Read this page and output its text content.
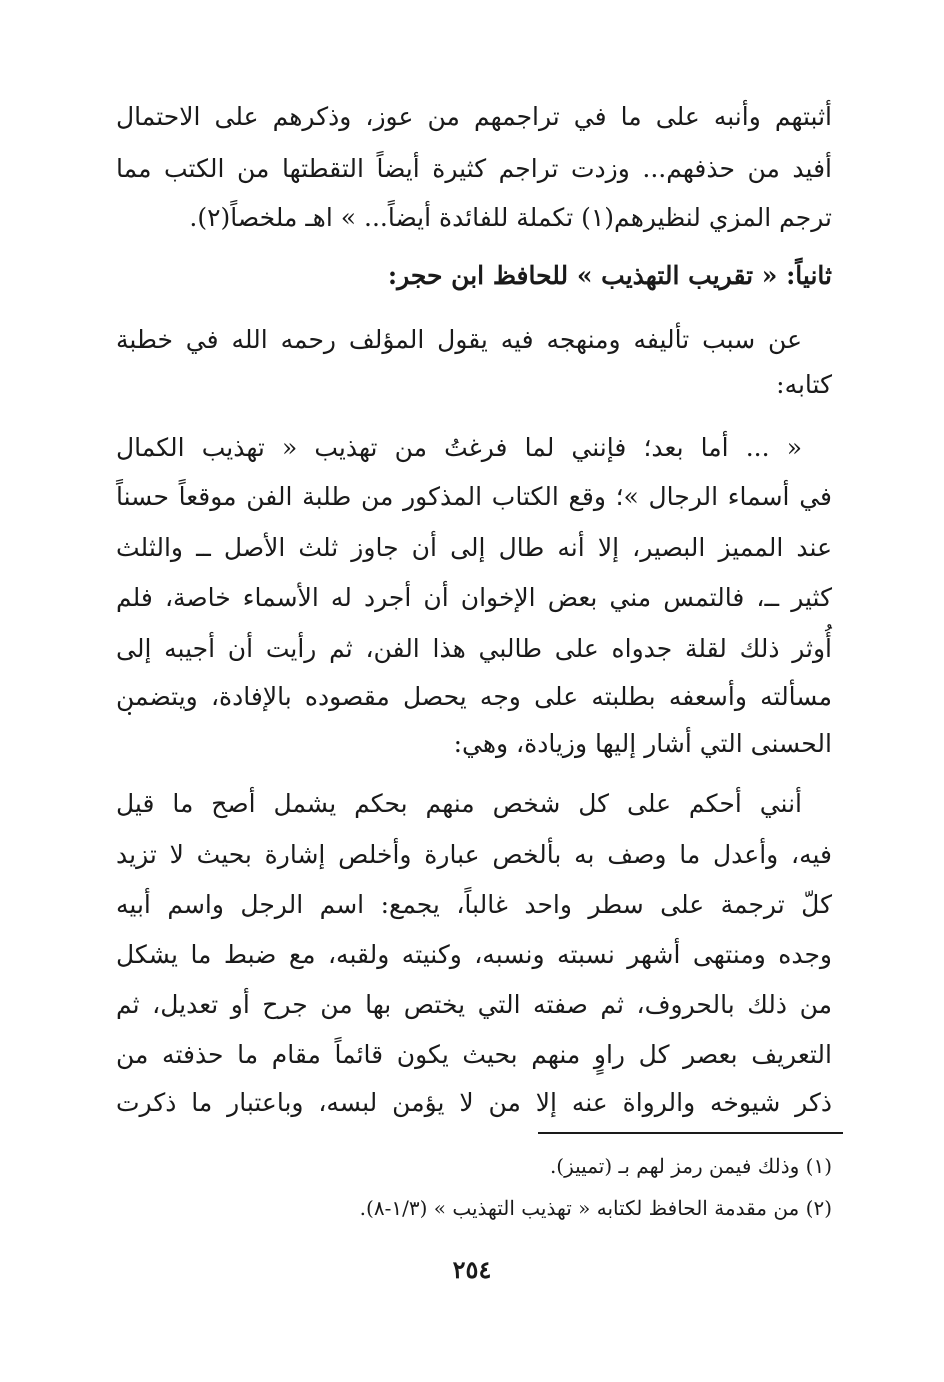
أثبتهم وأنبه على ما في تراجمهم من عوز، وذكرهم على الاحتمال
أفيد من حذفهم... وزدت تراجم كثيرة أيضاً التقطتها من الكتب مما
ترجم المزي لنظيرهم(١) تكملة للفائدة أيضاً... » اهـ ملخصاً(٢).
ثانياً: « تقريب التهذيب » للحافظ ابن حجر:
عن سبب تأليفه ومنهجه فيه يقول المؤلف رحمه الله في خطبة
كتابه:
« ... أما بعد؛ فإنني لما فرغتُ من تهذيب « تهذيب الكمال
في أسماء الرجال »؛ وقع الكتاب المذكور من طلبة الفن موقعاً حسناً
عند المميز البصير، إلا أنه طال إلى أن جاوز ثلث الأصل ــ والثلث
كثير ــ، فالتمس مني بعض الإخوان أن أجرد له الأسماء خاصة، فلم
أُوثر ذلك لقلة جدواه على طالبي هذا الفن، ثم رأيت أن أجيبه إلى
مسألته وأسعفه بطلبته على وجه يحصل مقصوده بالإفادة، ويتضمن
الحسنى التي أشار إليها وزيادة، وهي:
أنني أحكم على كل شخص منهم بحكم يشمل أصح ما قيل
فيه، وأعدل ما وصف به بألخص عبارة وأخلص إشارة بحيث لا تزيد
كلّ ترجمة على سطر واحد غالباً، يجمع: اسم الرجل واسم أبيه
وجده ومنتهى أشهر نسبته ونسبه، وكنيته ولقبه، مع ضبط ما يشكل
من ذلك بالحروف، ثم صفته التي يختص بها من جرح أو تعديل، ثم
التعريف بعصر كل راوٍ منهم بحيث يكون قائماً مقام ما حذفته من
ذكر شيوخه والرواة عنه إلا من لا يؤمن لبسه، وباعتبار ما ذكرت
(١) وذلك فيمن رمز لهم بـ (تمييز).
(٢) من مقدمة الحافظ لكتابه « تهذيب التهذيب » (١/٣-٨).
٢٥٤
